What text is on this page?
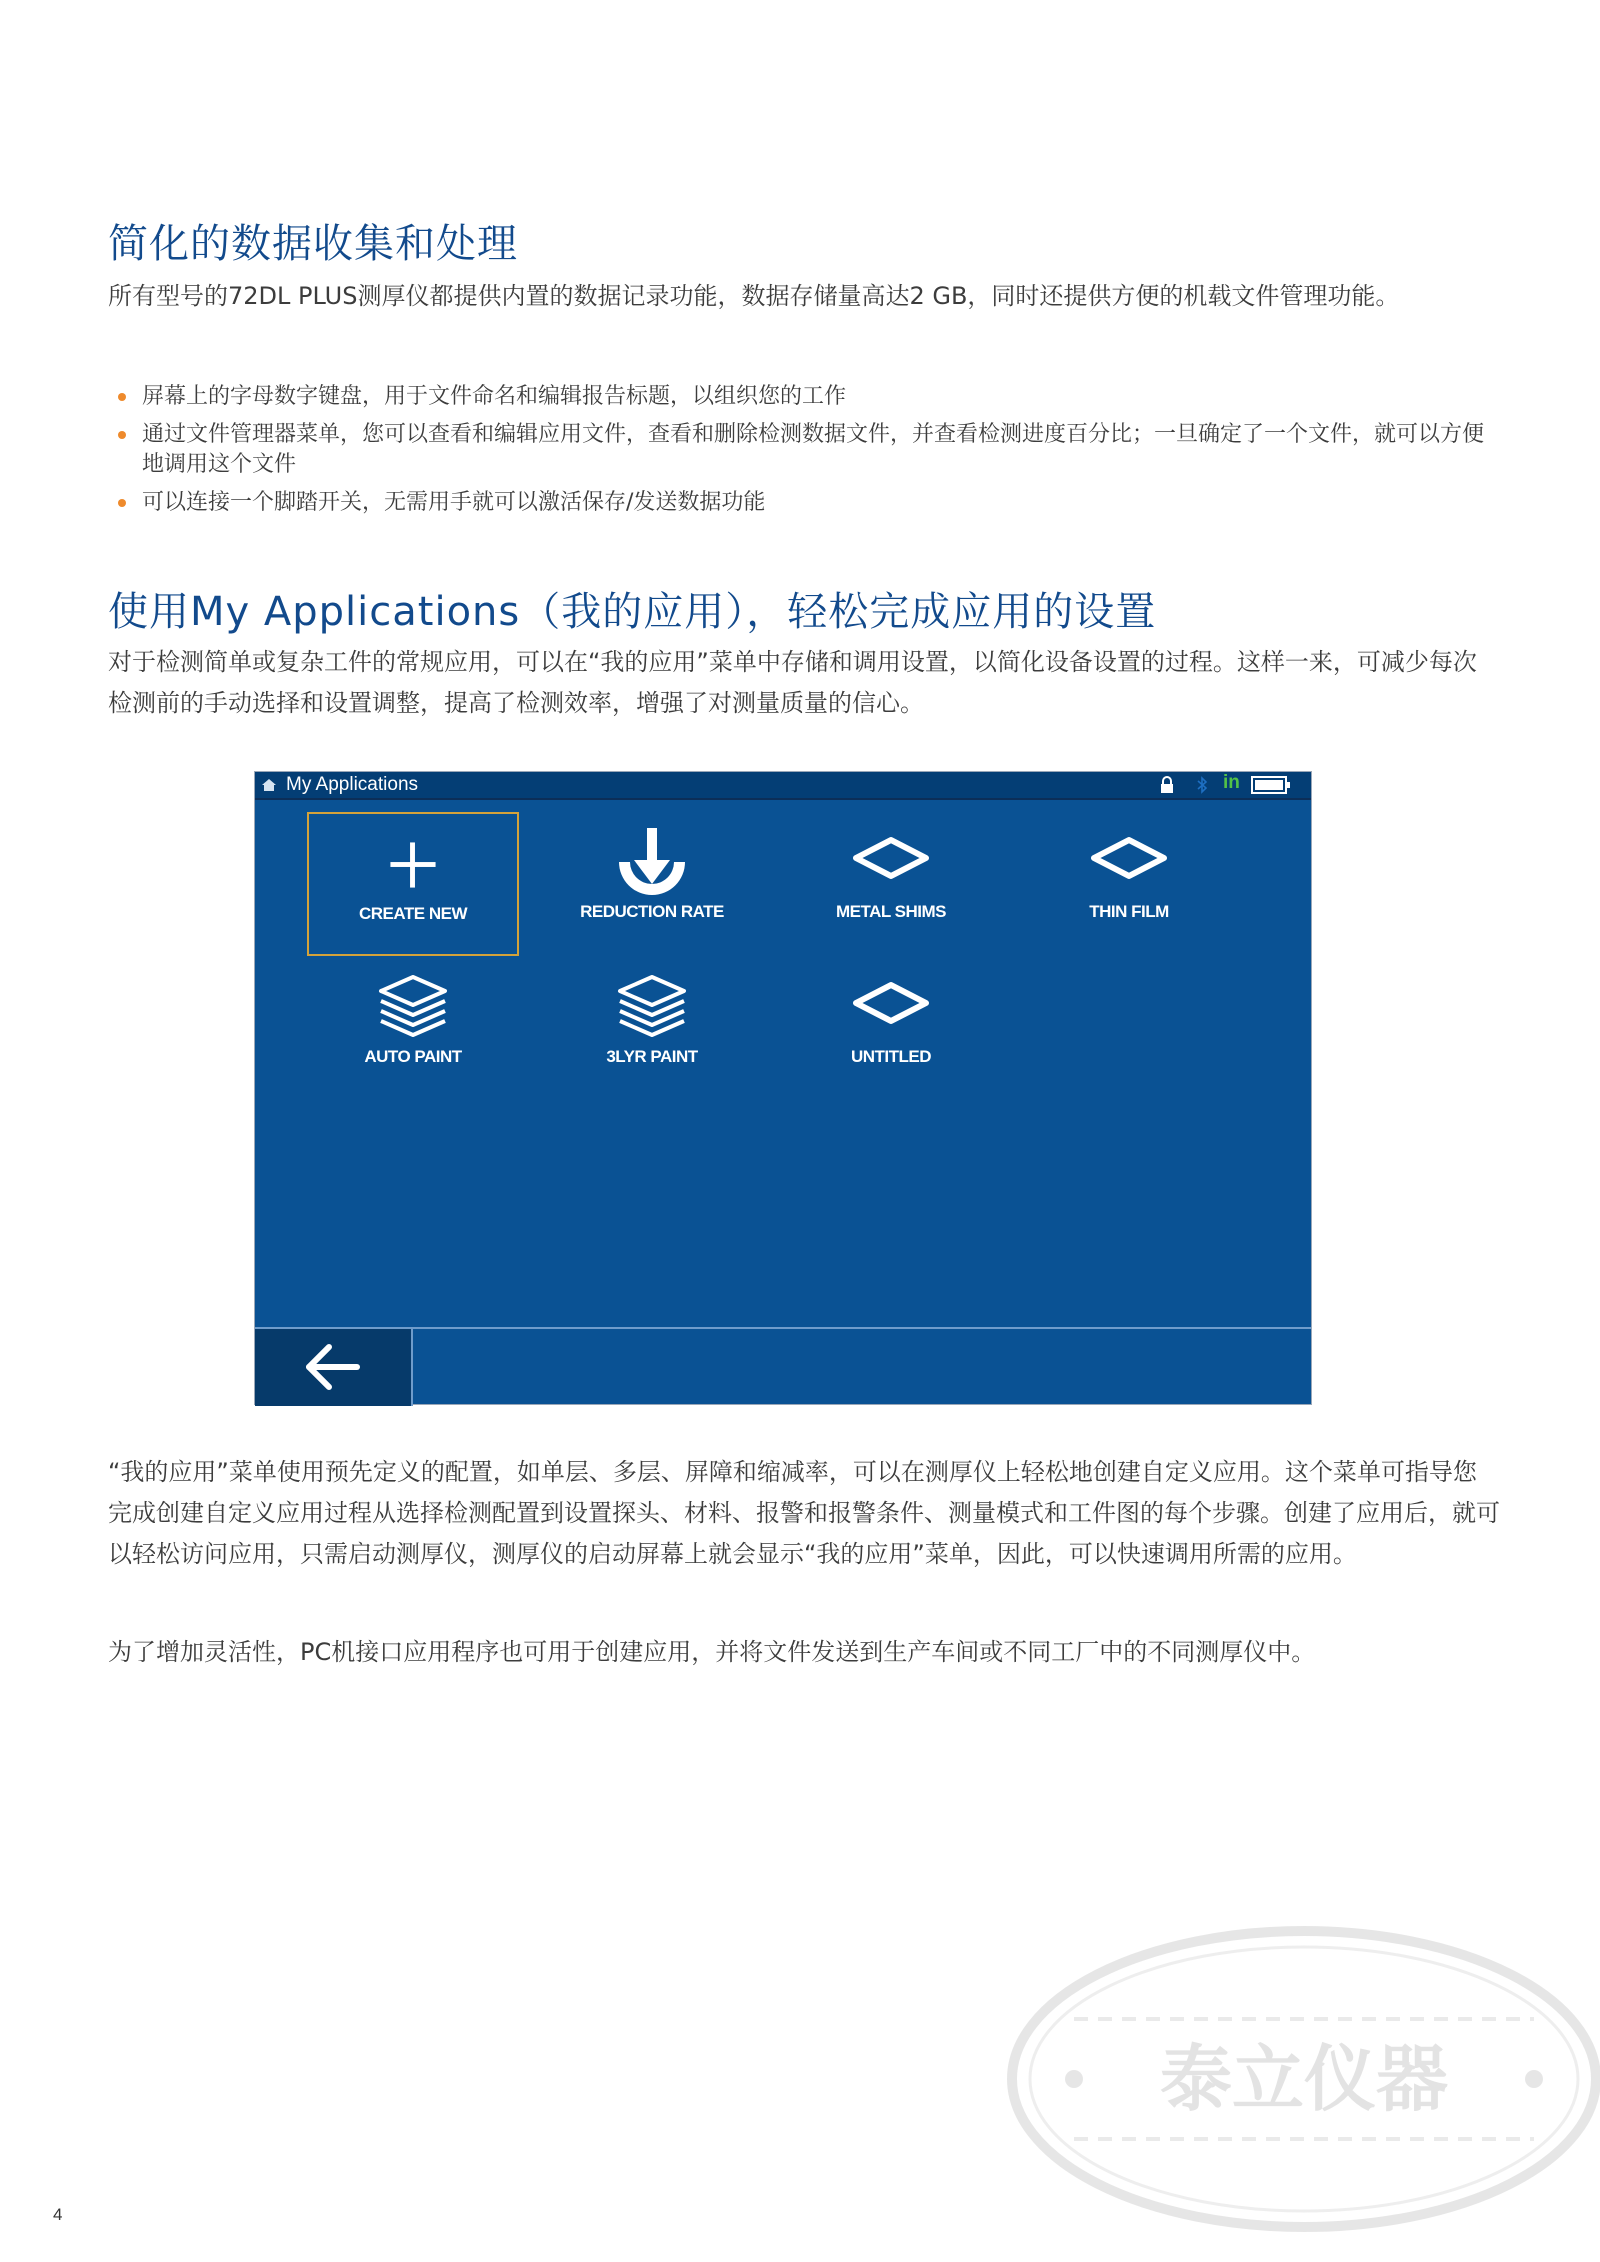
简化的数据收集和处理

所有型号的72DL PLUS测厚仪都提供内置的数据记录功能，数据存储量高达2 GB，同时还提供方便的机载文件管理功能。

屏幕上的字母数字键盘，用于文件命名和编辑报告标题，以组织您的工作
通过文件管理器菜单，您可以查看和编辑应用文件，查看和删除检测数据文件，并查看检测进度百分比；一旦确定了一个文件，就可以方便地调用这个文件
可以连接一个脚踏开关，无需用手就可以激活保存/发送数据功能
使用My Applications（我的应用），轻松完成应用的设置

对于检测简单或复杂工件的常规应用，可以在“我的应用”菜单中存储和调用设置，以简化设备设置的过程。这样一来，可减少每次检测前的手动选择和设置调整，提高了检测效率，增强了对测量质量的信心。

My Applications	in
CREATE NEW	REDUCTION RATE	METAL SHIMS	THIN FILM
AUTO PAINT	3LYR PAINT	UNTITLED

“我的应用”菜单使用预先定义的配置，如单层、多层、屏障和缩减率，可以在测厚仪上轻松地创建自定义应用。这个菜单可指导您完成创建自定义应用过程从选择检测配置到设置探头、材料、报警和报警条件、测量模式和工件图的每个步骤。创建了应用后，就可以轻松访问应用，只需启动测厚仪，测厚仪的启动屏幕上就会显示“我的应用”菜单，因此，可以快速调用所需的应用。

为了增加灵活性，PC机接口应用程序也可用于创建应用，并将文件发送到生产车间或不同工厂中的不同测厚仪中。

4
泰立仪器
